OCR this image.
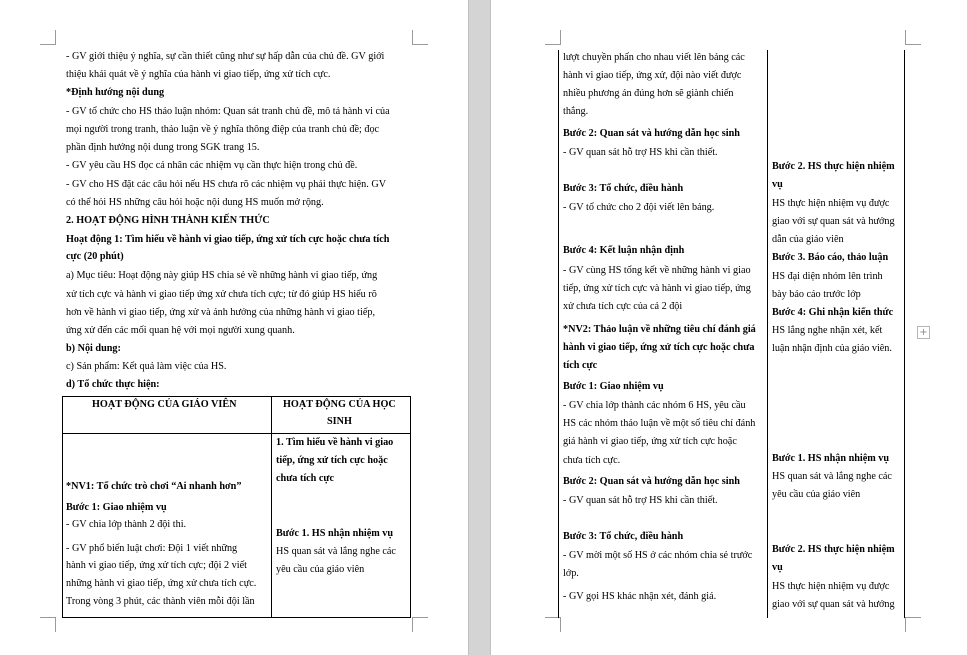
- GV giới thiệu ý nghĩa, sự cần thiết cũng như sự hấp dẫn của chủ đề. GV giới
thiệu khái quát về ý nghĩa của hành vi giao tiếp, ứng xử tích cực.
*Định hướng nội dung
- GV tổ chức cho HS thảo luận nhóm: Quan sát tranh chủ đề, mô tả hành vi của
mọi người trong tranh, thảo luận về ý nghĩa thông điệp của tranh chủ đề; đọc
phần định hướng nội dung trong SGK trang 15.
- GV yêu cầu HS đọc cá nhân các nhiệm vụ cần thực hiện trong chủ đề.
- GV cho HS đặt các câu hỏi nếu HS chưa rõ các nhiệm vụ phải thực hiện. GV
có thể hỏi HS những câu hỏi hoặc nội dung HS muốn mở rộng.
2. HOẠT ĐỘNG HÌNH THÀNH KIẾN THỨC
Hoạt động 1: Tìm hiểu về hành vi giao tiếp, ứng xử tích cực hoặc chưa tích
cực (20 phút)
a) Mục tiêu: Hoạt động này giúp HS chia sẻ về những hành vi giao tiếp, ứng
xử tích cực và hành vi giao tiếp ứng xử chưa tích cực; từ đó giúp HS hiểu rõ
hơn về hành vi giao tiếp, ứng xử và ảnh hưởng của những hành vi giao tiếp,
ứng xử đến các mối quan hệ với mọi người xung quanh.
b) Nội dung:
c) Sản phẩm: Kết quả làm việc của HS.
d) Tổ chức thực hiện:
HOẠT ĐỘNG CỦA GIÁO VIÊN	HOẠT ĐỘNG CỦA HỌC
SINH
*NV1: Tổ chức trò chơi “Ai nhanh hơn”
Bước 1: Giao nhiệm vụ
- GV chia lớp thành 2 đội thi.
- GV phổ biến luật chơi: Đội 1 viết những
hành vi giao tiếp, ứng xử tích cực; đội 2 viết
những hành vi giao tiếp, ứng xử chưa tích cực.
Trong vòng 3 phút, các thành viên mỗi đội lần
1. Tìm hiểu về hành vi giao
tiếp, ứng xử tích cực hoặc
chưa tích cực
Bước 1. HS nhận nhiệm vụ
HS quan sát và lắng nghe các
yêu cầu của giáo viên
lượt chuyền phấn cho nhau viết lên bảng các
hành vi giao tiếp, ứng xử, đội nào viết được
nhiều phương án đúng hơn sẽ giành chiến
thắng.
Bước 2: Quan sát và hướng dẫn học sinh
- GV quan sát hỗ trợ HS khi cần thiết.
Bước 3: Tổ chức, điều hành
- GV tổ chức cho 2 đội viết lên bảng.
Bước 4: Kết luận nhận định
- GV cùng HS tổng kết về những hành vi giao
tiếp, ứng xử tích cực và hành vi giao tiếp, ứng
xử chưa tích cực của cả 2 đội
*NV2: Thảo luận về những tiêu chí đánh giá
hành vi giao tiếp, ứng xử tích cực hoặc chưa
tích cực
Bước 1: Giao nhiệm vụ
- GV chia lớp thành các nhóm 6 HS, yêu cầu
HS các nhóm thảo luận về một số tiêu chí đánh
giá hành vi giao tiếp, ứng xử tích cực hoặc
chưa tích cực.
Bước 2: Quan sát và hướng dẫn học sinh
- GV quan sát hỗ trợ HS khi cần thiết.
Bước 3: Tổ chức, điều hành
- GV mời một số HS ở các nhóm chia sẻ trước
lớp.
- GV gọi HS khác nhận xét, đánh giá.
Bước 2. HS thực hiện nhiệm
vụ
HS thực hiện nhiệm vụ được
giao với sự quan sát và hướng
dẫn của giáo viên
Bước 3. Báo cáo, thảo luận
HS đại diện nhóm lên trình
bày báo cáo trước lớp
Bước 4: Ghi nhận kiến thức
HS lắng nghe nhận xét, kết
luận nhận định của giáo viên.
Bước 1. HS nhận nhiệm vụ
HS quan sát và lắng nghe các
yêu cầu của giáo viên
Bước 2. HS thực hiện nhiệm
vụ
HS thực hiện nhiệm vụ được
giao với sự quan sát và hướng
+
